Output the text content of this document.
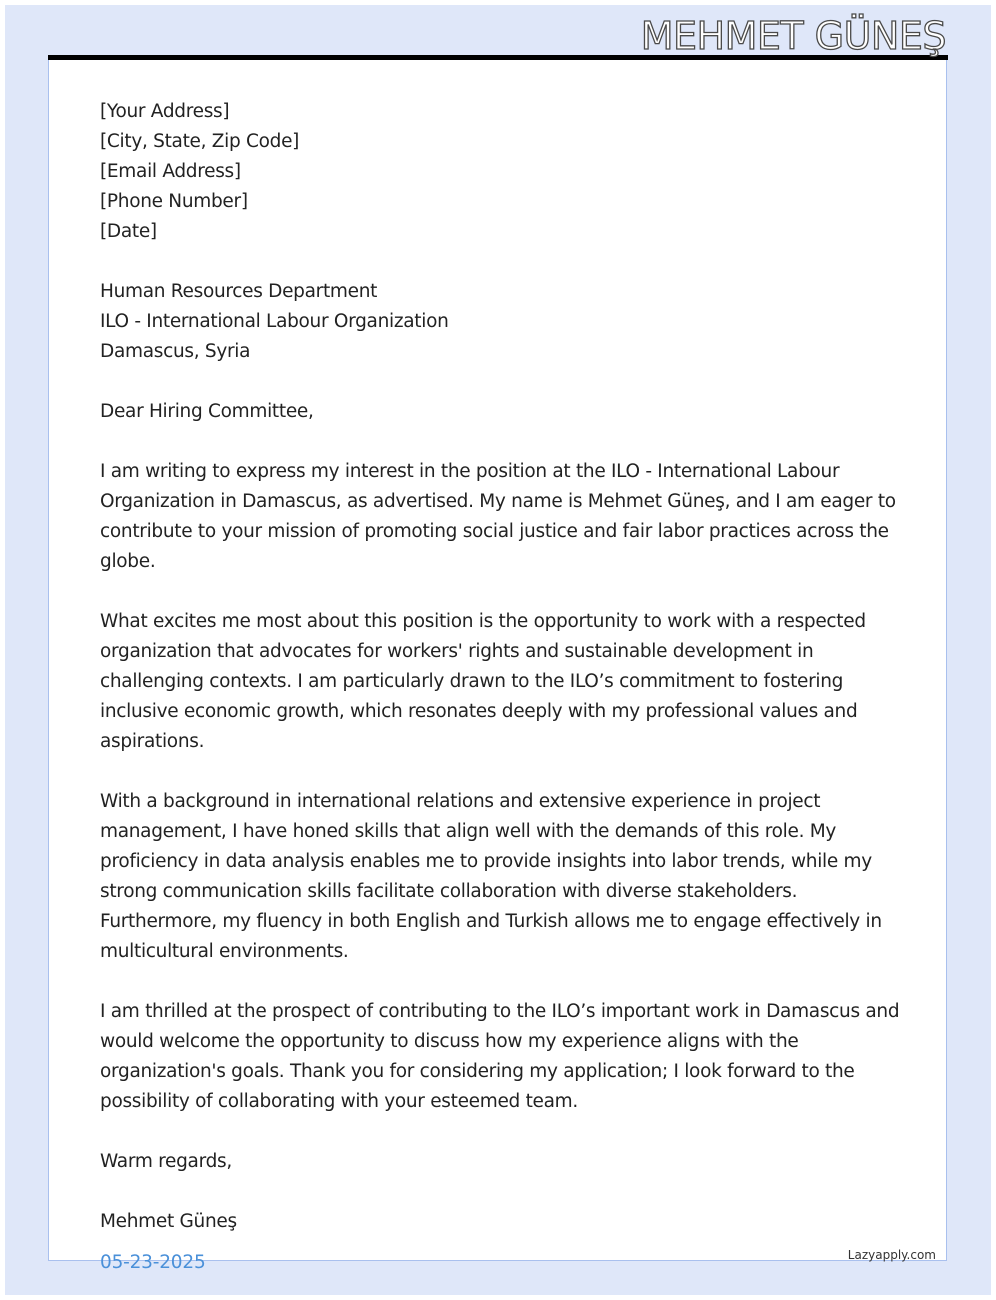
MEHMET GÜNEŞ
[Your Address]
[City, State, Zip Code]
[Email Address]
[Phone Number]
[Date]
Human Resources Department
ILO - International Labour Organization
Damascus, Syria

Dear Hiring Committee,

I am writing to express my interest in the position at the ILO - International Labour Organization in Damascus, as advertised. My name is Mehmet Güneş, and I am eager to contribute to your mission of promoting social justice and fair labor practices across the globe.

What excites me most about this position is the opportunity to work with a respected organization that advocates for workers' rights and sustainable development in challenging contexts. I am particularly drawn to the ILO’s commitment to fostering inclusive economic growth, which resonates deeply with my professional values and aspirations.

With a background in international relations and extensive experience in project management, I have honed skills that align well with the demands of this role. My proficiency in data analysis enables me to provide insights into labor trends, while my strong communication skills facilitate collaboration with diverse stakeholders. Furthermore, my fluency in both English and Turkish allows me to engage effectively in multicultural environments.

I am thrilled at the prospect of contributing to the ILO’s important work in Damascus and would welcome the opportunity to discuss how my experience aligns with the organization's goals. Thank you for considering my application; I look forward to the possibility of collaborating with your esteemed team.

Warm regards,

Mehmet Güneş

05-23-2025	Lazyapply.com
